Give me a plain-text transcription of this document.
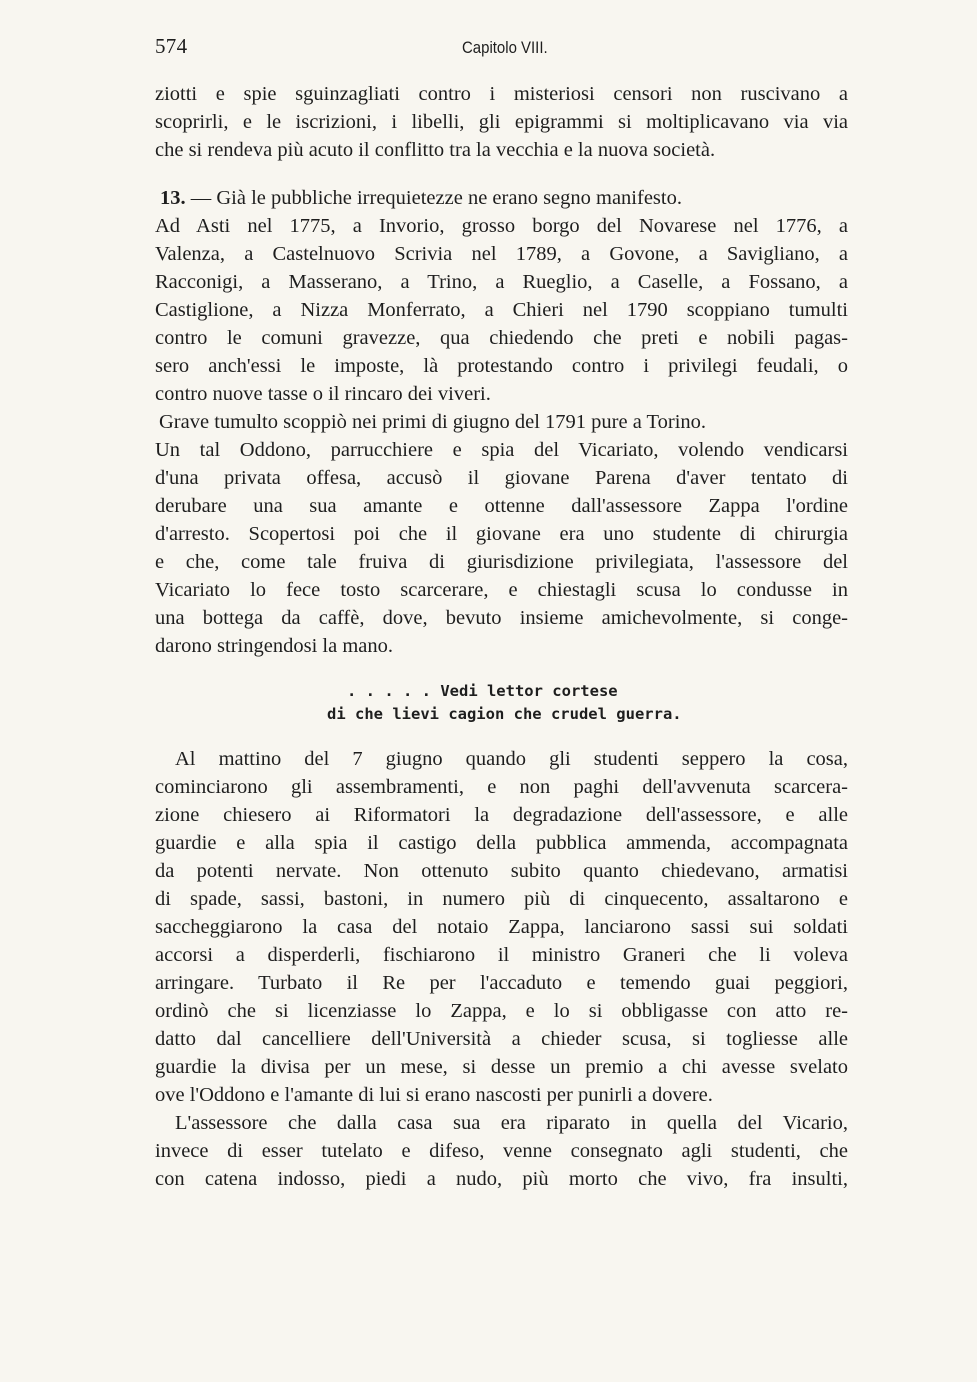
574	Capitolo VIII.
ziotti e spie sguinzagliati contro i misteriosi censori non ruscivano a
scoprirli, e le iscrizioni, i libelli, gli epigrammi si moltiplicavano via via
che si rendeva più acuto il conflitto tra la vecchia e la nuova società.
13. — Già le pubbliche irrequietezze ne erano segno manifesto.
Ad Asti nel 1775, a Invorio, grosso borgo del Novarese nel 1776, a
Valenza, a Castelnuovo Scrivia nel 1789, a Govone, a Savigliano, a
Racconigi, a Masserano, a Trino, a Rueglio, a Caselle, a Fossano, a
Castiglione, a Nizza Monferrato, a Chieri nel 1790 scoppiano tumulti
contro le comuni gravezze, qua chiedendo che preti e nobili pagas-
sero anch'essi le imposte, là protestando contro i privilegi feudali, o
contro nuove tasse o il rincaro dei viveri.
Grave tumulto scoppiò nei primi di giugno del 1791 pure a Torino.
Un tal Oddono, parrucchiere e spia del Vicariato, volendo vendicarsi
d'una privata offesa, accusò il giovane Parena d'aver tentato di
derubare una sua amante e ottenne dall'assessore Zappa l'ordine
d'arresto. Scopertosi poi che il giovane era uno studente di chirurgia
e che, come tale fruiva di giurisdizione privilegiata, l'assessore del
Vicariato lo fece tosto scarcerare, e chiestagli scusa lo condusse in
una bottega da caffè, dove, bevuto insieme amichevolmente, si conge-
darono stringendosi la mano.
. . . . . Vedi lettor cortese
di che lievi cagion che crudel guerra.
Al mattino del 7 giugno quando gli studenti seppero la cosa,
cominciarono gli assembramenti, e non paghi dell'avvenuta scarcera-
zione chiesero ai Riformatori la degradazione dell'assessore, e alle
guardie e alla spia il castigo della pubblica ammenda, accompagnata
da potenti nervate. Non ottenuto subito quanto chiedevano, armatisi
di spade, sassi, bastoni, in numero più di cinquecento, assaltarono e
saccheggiarono la casa del notaio Zappa, lanciarono sassi sui soldati
accorsi a disperderli, fischiarono il ministro Graneri che li voleva
arringare. Turbato il Re per l'accaduto e temendo guai peggiori,
ordinò che si licenziasse lo Zappa, e lo si obbligasse con atto re-
datto dal cancelliere dell'Università a chieder scusa, si togliesse alle
guardie la divisa per un mese, si desse un premio a chi avesse svelato
ove l'Oddono e l'amante di lui si erano nascosti per punirli a dovere.
L'assessore che dalla casa sua era riparato in quella del Vicario,
invece di esser tutelato e difeso, venne consegnato agli studenti, che
con catena indosso, piedi a nudo, più morto che vivo, fra insulti,
